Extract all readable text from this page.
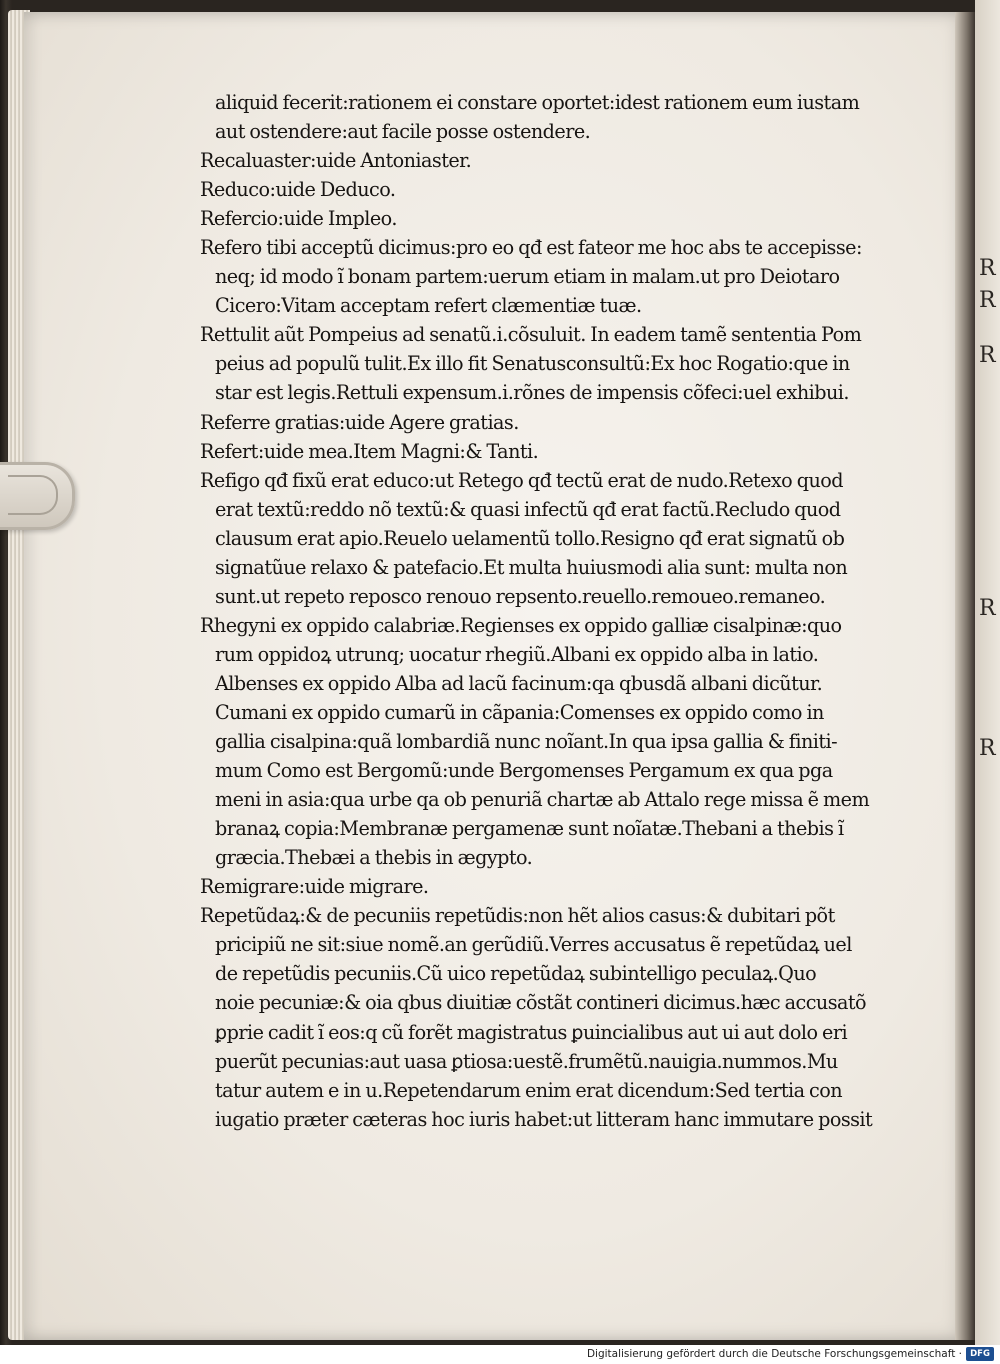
R
R
R
R
R
aliquid fecerit:rationem ei constare oportet:idest rationem eum iustam
aut ostendere:aut facile posse ostendere.
Recaluaster:uide Antoniaster.
Reduco:uide Deduco.
Refercio:uide Impleo.
Refero tibi acceptũ dicimus:pro eo qđ est fateor me hoc abs te accepisse:
neq; id modo ĩ bonam partem:uerum etiam in malam.ut pro Deiotaro
Cicero:Vitam acceptam refert clæmentiæ tuæ.
Rettulit aũt Pompeius ad senatũ.i.cõsuluit. In eadem tamẽ sententia Pom
peius ad populũ tulit.Ex illo fit Senatusconsultũ:Ex hoc Rogatio:que in
star est legis.Rettuli expensum.i.rõnes de impensis cõfeci:uel exhibui.
Referre gratias:uide Agere gratias.
Refert:uide mea.Item Magni:& Tanti.
Refigo qđ fixũ erat educo:ut Retego qđ tectũ erat de nudo.Retexo quod
erat textũ:reddo nõ textũ:& quasi infectũ qđ erat factũ.Recludo quod
clausum erat apio.Reuelo uelamentũ tollo.Resigno qđ erat signatũ ob
signatũue relaxo & patefacio.Et multa huiusmodi alia sunt: multa non
sunt.ut repeto reposco renouo repsento.reuello.remoueo.remaneo.
Rhegyni ex oppido calabriæ.Regienses ex oppido galliæ cisalpinæ:quo
rum oppidoꝝ utrunq; uocatur rhegiũ.Albani ex oppido alba in latio.
Albenses ex oppido Alba ad lacũ facinum:qa qbusdã albani dicũtur.
Cumani ex oppido cumarũ in cãpania:Comenses ex oppido como in
gallia cisalpina:quã lombardiã nunc noĩant.In qua ipsa gallia & finiti-
mum Como est Bergomũ:unde Bergomenses Pergamum ex qua pga
meni in asia:qua urbe qa ob penuriã chartæ ab Attalo rege missa ẽ mem
branaꝝ copia:Membranæ pergamenæ sunt noĩatæ.Thebani a thebis ĩ
græcia.Thebæi a thebis in ægypto.
Remigrare:uide migrare.
Repetũdaꝝ:& de pecuniis repetũdis:non hẽt alios casus:& dubitari põt
pricipiũ ne sit:siue nomẽ.an gerũdiũ.Verres accusatus ẽ repetũdaꝝ uel
de repetũdis pecuniis.Cũ uico repetũdaꝝ subintelligo peculaꝝ.Quo
noie pecuniæ:& oia qbus diuitiæ cõstãt contineri dicimus.hæc accusatõ
ꝑprie cadit ĩ eos:q cũ forẽt magistratus ꝑuincialibus aut ui aut dolo eri
puerũt pecunias:aut uasa ꝑtiosa:uestẽ.frumẽtũ.nauigia.nummos.Mu
tatur autem e in u.Repetendarum enim erat dicendum:Sed tertia con
iugatio præter cæteras hoc iuris habet:ut litteram hanc immutare possit
Digitalisierung gefördert durch die Deutsche Forschungsgemeinschaft · DFG
